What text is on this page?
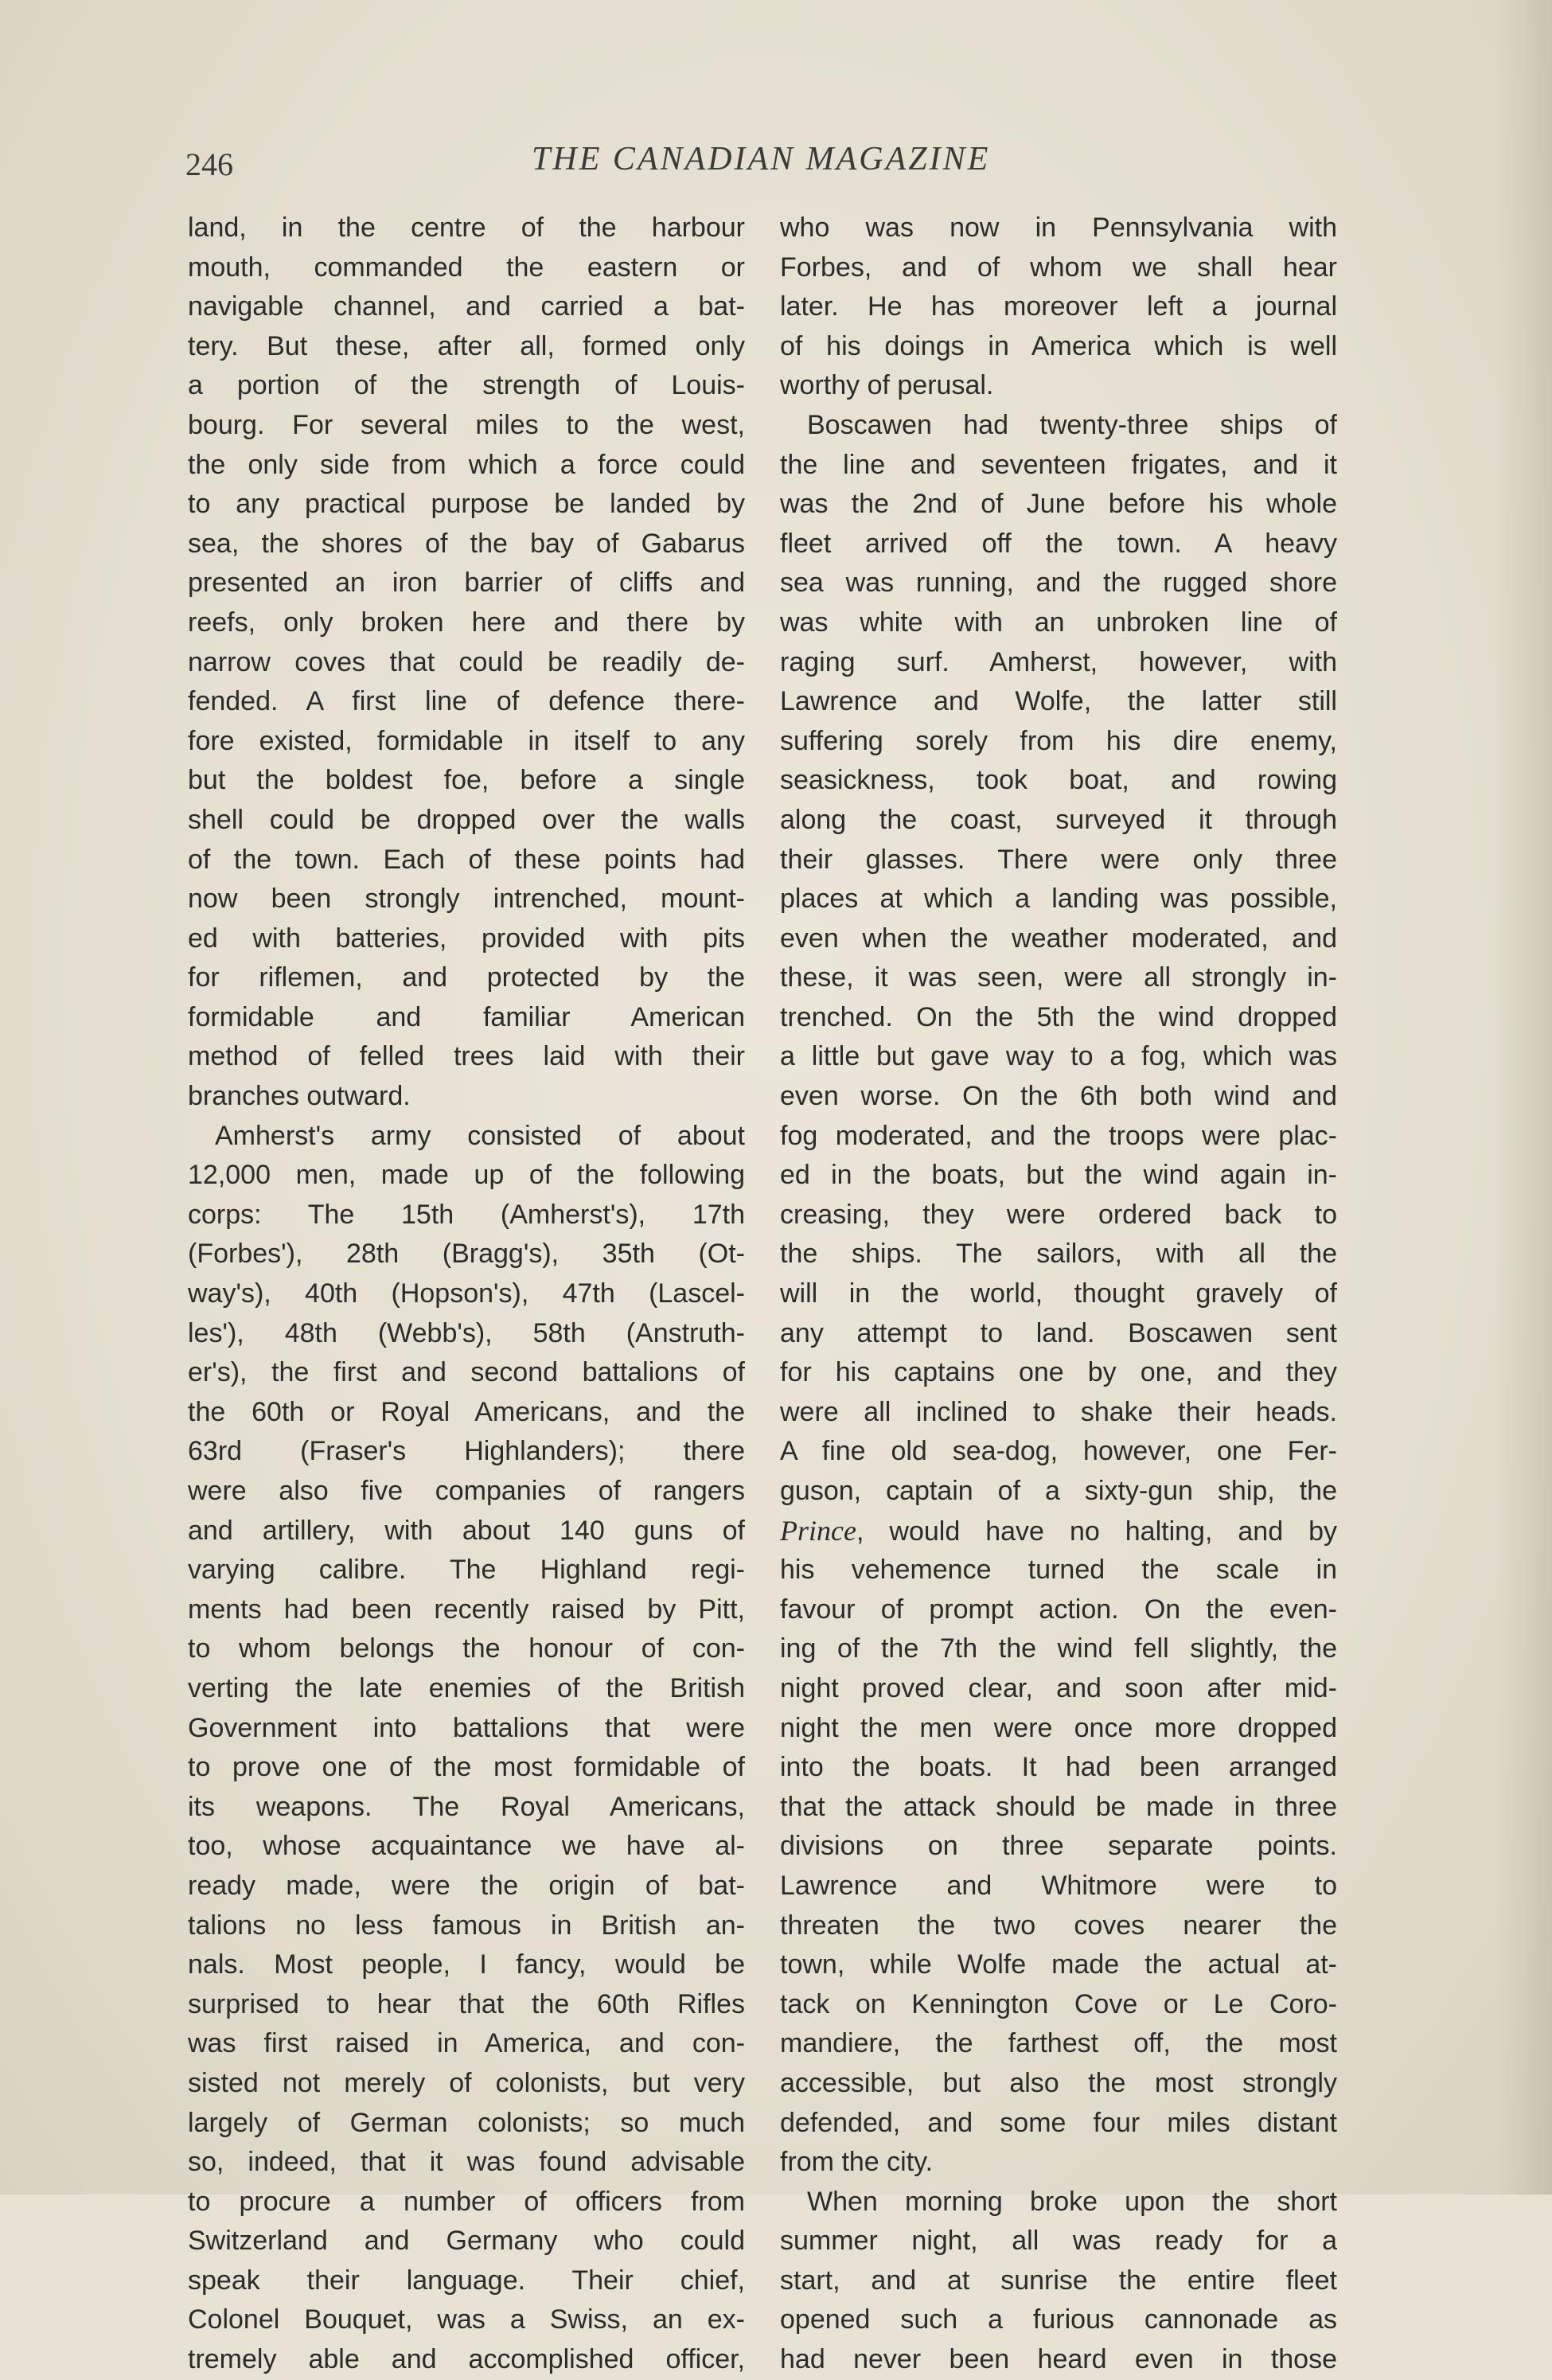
246	THE CANADIAN MAGAZINE
land, in the centre of the harbour
mouth, commanded the eastern or
navigable channel, and carried a bat-
tery. But these, after all, formed only
a portion of the strength of Louis-
bourg. For several miles to the west,
the only side from which a force could
to any practical purpose be landed by
sea, the shores of the bay of Gabarus
presented an iron barrier of cliffs and
reefs, only broken here and there by
narrow coves that could be readily de-
fended. A first line of defence there-
fore existed, formidable in itself to any
but the boldest foe, before a single
shell could be dropped over the walls
of the town. Each of these points had
now been strongly intrenched, mount-
ed with batteries, provided with pits
for riflemen, and protected by the
formidable and familiar American
method of felled trees laid with their
branches outward.
Amherst's army consisted of about
12,000 men, made up of the following
corps: The 15th (Amherst's), 17th
(Forbes'), 28th (Bragg's), 35th (Ot-
way's), 40th (Hopson's), 47th (Lascel-
les'), 48th (Webb's), 58th (Anstruth-
er's), the first and second battalions of
the 60th or Royal Americans, and the
63rd (Fraser's Highlanders); there
were also five companies of rangers
and artillery, with about 140 guns of
varying calibre. The Highland regi-
ments had been recently raised by Pitt,
to whom belongs the honour of con-
verting the late enemies of the British
Government into battalions that were
to prove one of the most formidable of
its weapons. The Royal Americans,
too, whose acquaintance we have al-
ready made, were the origin of bat-
talions no less famous in British an-
nals. Most people, I fancy, would be
surprised to hear that the 60th Rifles
was first raised in America, and con-
sisted not merely of colonists, but very
largely of German colonists; so much
so, indeed, that it was found advisable
to procure a number of officers from
Switzerland and Germany who could
speak their language. Their chief,
Colonel Bouquet, was a Swiss, an ex-
tremely able and accomplished officer,
who was now in Pennsylvania with
Forbes, and of whom we shall hear
later. He has moreover left a journal
of his doings in America which is well
worthy of perusal.
Boscawen had twenty-three ships of
the line and seventeen frigates, and it
was the 2nd of June before his whole
fleet arrived off the town. A heavy
sea was running, and the rugged shore
was white with an unbroken line of
raging surf. Amherst, however, with
Lawrence and Wolfe, the latter still
suffering sorely from his dire enemy,
seasickness, took boat, and rowing
along the coast, surveyed it through
their glasses. There were only three
places at which a landing was possible,
even when the weather moderated, and
these, it was seen, were all strongly in-
trenched. On the 5th the wind dropped
a little but gave way to a fog, which was
even worse. On the 6th both wind and
fog moderated, and the troops were plac-
ed in the boats, but the wind again in-
creasing, they were ordered back to
the ships. The sailors, with all the
will in the world, thought gravely of
any attempt to land. Boscawen sent
for his captains one by one, and they
were all inclined to shake their heads.
A fine old sea-dog, however, one Fer-
guson, captain of a sixty-gun ship, the
Prince, would have no halting, and by
his vehemence turned the scale in
favour of prompt action. On the even-
ing of the 7th the wind fell slightly, the
night proved clear, and soon after mid-
night the men were once more dropped
into the boats. It had been arranged
that the attack should be made in three
divisions on three separate points.
Lawrence and Whitmore were to
threaten the two coves nearer the
town, while Wolfe made the actual at-
tack on Kennington Cove or Le Coro-
mandiere, the farthest off, the most
accessible, but also the most strongly
defended, and some four miles distant
from the city.
When morning broke upon the short
summer night, all was ready for a
start, and at sunrise the entire fleet
opened such a furious cannonade as
had never been heard even in those
